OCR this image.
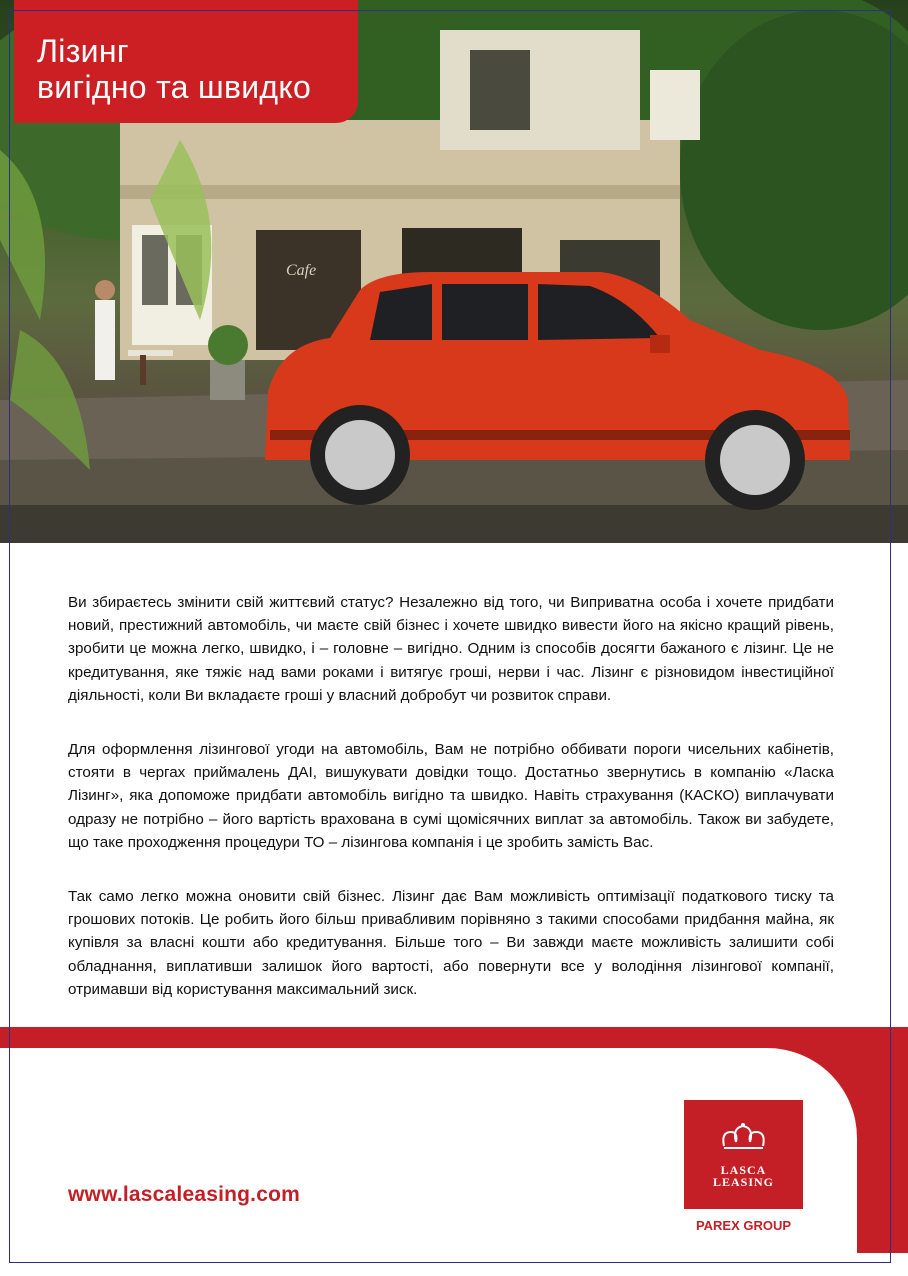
Cafe
Лізинг
вигідно та швидко

Ви збираєтесь змінити свій життєвий статус? Незалежно від того, чи Виприватна особа і хочете придбати новий, престижний автомобіль, чи маєте свій бізнес і хочете швидко вивести його на якісно кращий рівень, зробити це можна легко, швидко, і – головне – вигідно. Одним із способів досягти бажаного є лізинг. Це не кредитування, яке тяжіє над вами роками і витягує гроші, нерви і час. Лізинг є різновидом інвестиційної діяльності, коли Ви вкладаєте гроші у власний добробут чи розвиток справи.

Для оформлення лізингової угоди на автомобіль, Вам не потрібно оббивати пороги чисельних кабінетів, стояти в чергах приймалень ДАІ, вишукувати довідки тощо. Достатньо звернутись в компанію «Ласка Лізинг», яка допоможе придбати автомобіль вигідно та швидко. Навіть страхування (КАСКО) виплачувати одразу не потрібно – його вартість врахована в сумі щомісячних виплат за автомобіль. Також ви забудете, що таке проходження процедури ТО – лізингова компанія і це зробить замість Вас.

Так само легко можна оновити свій бізнес. Лізинг дає Вам можливість оптимізації податкового тиску та грошових потоків. Це робить його більш привабливим порівняно з такими способами придбання майна, як купівля за власні кошти або кредитування. Більше того – Ви завжди маєте можливість залишити собі обладнання, виплативши залишок його вартості, або повернути все у володіння лізингової компанії, отримавши від користування максимальний зиск.

www.lascaleasing.com
LASCA
LEASING
PAREX GROUP
